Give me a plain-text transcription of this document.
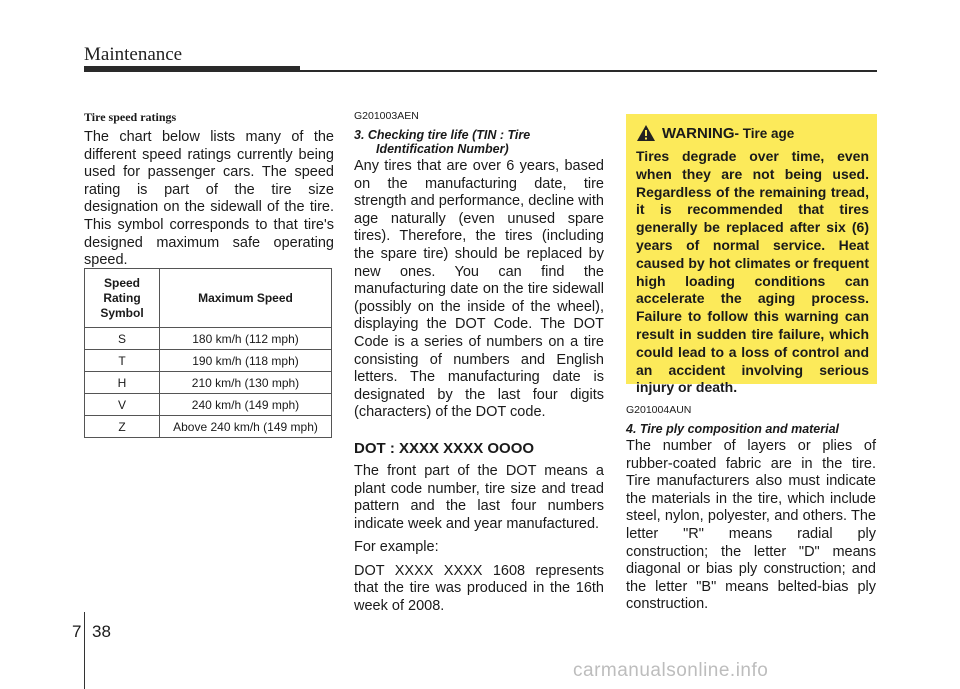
Maintenance

Tire speed ratings

The chart below lists many of the different speed ratings currently being used for passenger cars. The speed rating is part of the tire size designation on the sidewall of the tire. This symbol corresponds to that tire's designed maximum safe operating speed.

Speed
Rating
Symbol	Maximum Speed
S	180 km/h (112 mph)
T	190 km/h (118 mph)
H	210 km/h (130 mph)
V	240 km/h (149 mph)
Z	Above 240 km/h (149 mph)

G201003AEN

3. Checking tire life (TIN : Tire
Identification Number)

Any tires that are over 6 years, based on the manufacturing date, tire strength and performance, decline with age naturally (even unused spare tires). Therefore, the tires (including the spare tire) should be replaced by new ones. You can find the manufacturing date on the tire sidewall (possibly on the inside of the wheel), displaying the DOT Code. The DOT Code is a series of numbers on a tire consisting of numbers and English letters. The manufacturing date is designated by the last four digits (characters) of the DOT code.

DOT : XXXX XXXX OOOO

The front part of the DOT means a plant code number, tire size and tread pattern and the last four numbers indicate week and year manufactured.

For example:

DOT XXXX XXXX 1608 represents that the tire was produced in the 16th week of 2008.

WARNING - Tire age

Tires degrade over time, even when they are not being used. Regardless of the remaining tread, it is recommended that tires generally be replaced after six (6) years of normal service. Heat caused by hot climates or frequent high loading conditions can accelerate the aging process. Failure to follow this warning can result in sudden tire failure, which could lead to a loss of control and an accident involving serious injury or death.

G201004AUN

4. Tire ply composition and material

The number of layers or plies of rubber-coated fabric are in the tire. Tire manufacturers also must indicate the materials in the tire, which include steel, nylon, polyester, and others. The letter "R" means radial ply construction; the letter "D" means diagonal or bias ply construction; and the letter "B" means belted-bias ply construction.

7 38
carmanualsonline.info
